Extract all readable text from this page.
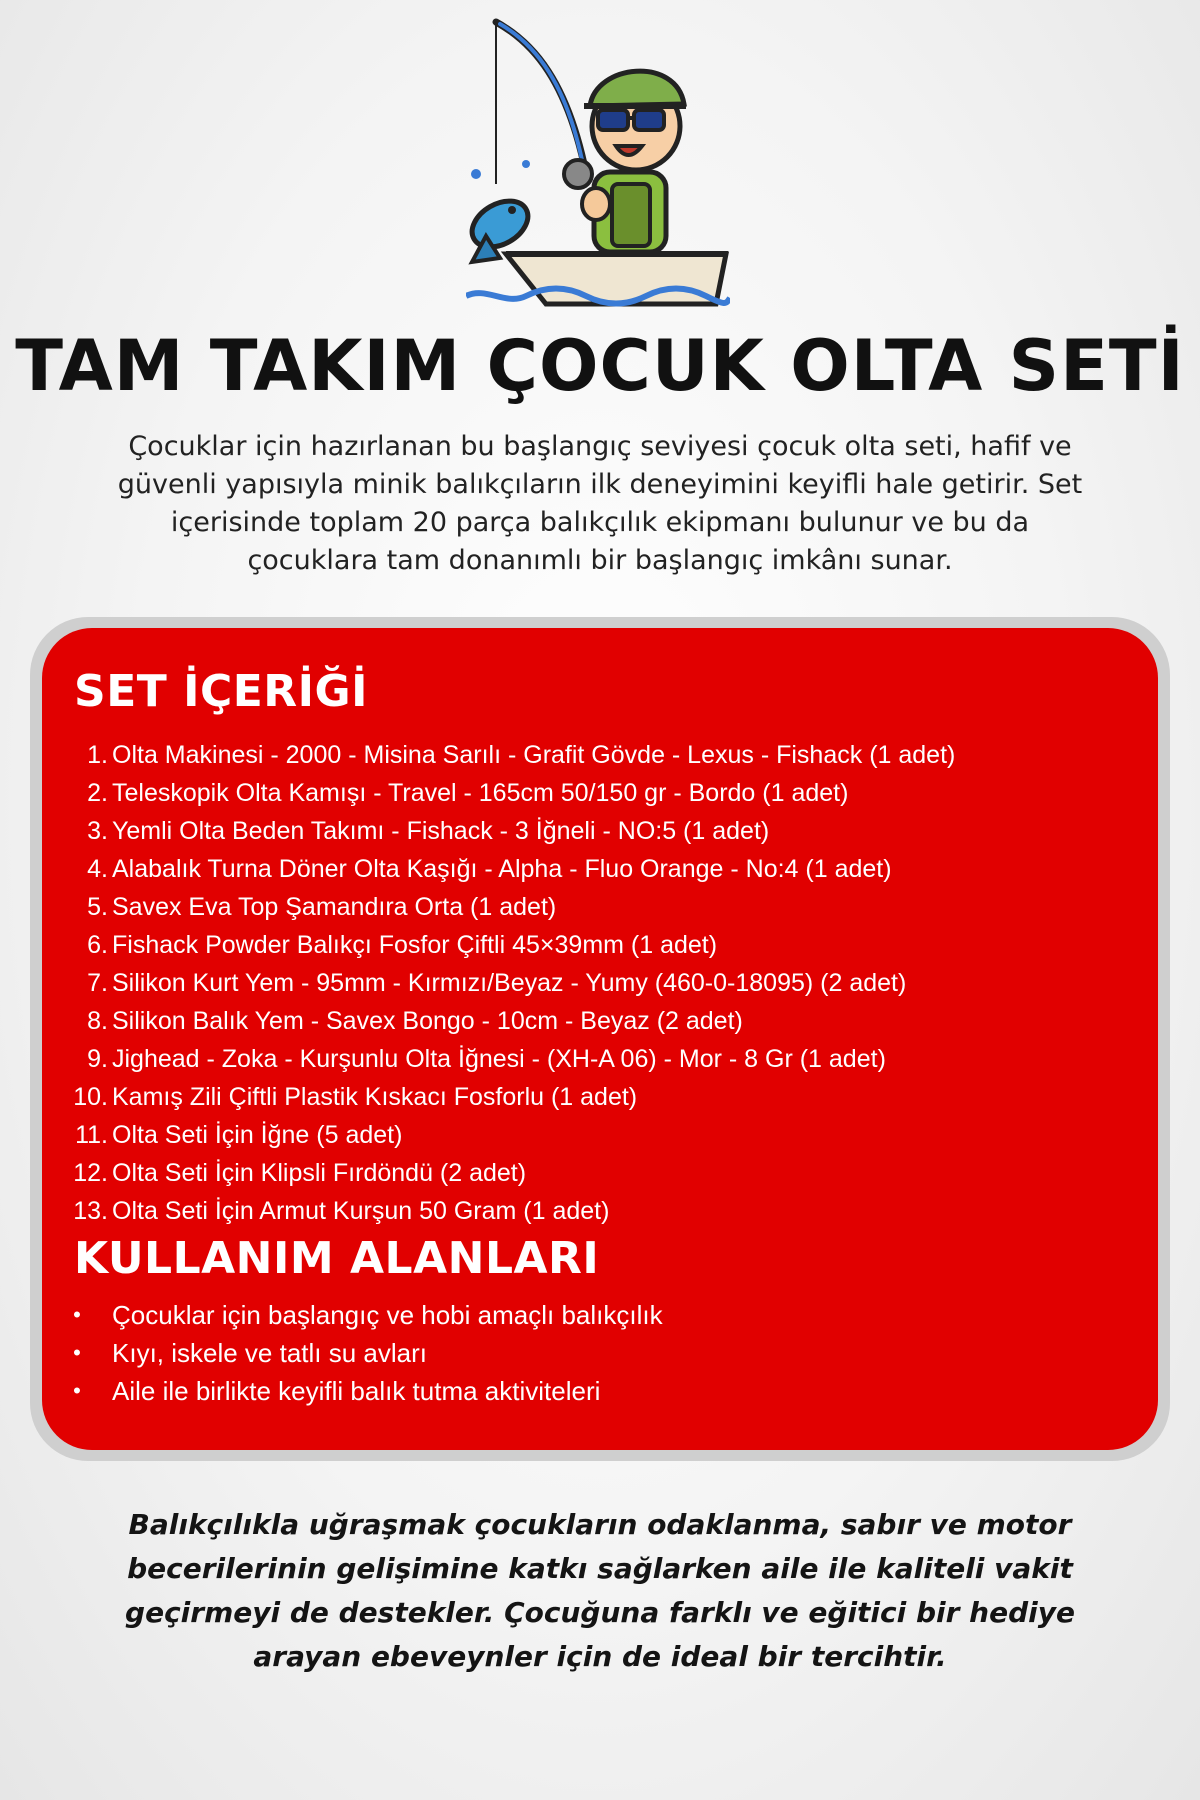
TAM TAKIM ÇOCUK OLTA SETİ

Çocuklar için hazırlanan bu başlangıç seviyesi çocuk olta seti, hafif ve güvenli yapısıyla minik balıkçıların ilk deneyimini keyifli hale getirir. Set içerisinde toplam 20 parça balıkçılık ekipmanı bulunur ve bu da çocuklara tam donanımlı bir başlangıç imkânı sunar.

SET İÇERİĞİ
1. Olta Makinesi - 2000 - Misina Sarılı - Grafit Gövde - Lexus - Fishack (1 adet)
2. Teleskopik Olta Kamışı - Travel - 165cm 50/150 gr - Bordo (1 adet)
3. Yemli Olta Beden Takımı - Fishack - 3 İğneli - NO:5 (1 adet)
4. Alabalık Turna Döner Olta Kaşığı - Alpha - Fluo Orange - No:4 (1 adet)
5. Savex Eva Top Şamandıra Orta (1 adet)
6. Fishack Powder Balıkçı Fosfor Çiftli 45×39mm (1 adet)
7. Silikon Kurt Yem - 95mm - Kırmızı/Beyaz - Yumy (460-0-18095) (2 adet)
8. Silikon Balık Yem - Savex Bongo - 10cm - Beyaz (2 adet)
9. Jighead - Zoka - Kurşunlu Olta İğnesi - (XH-A 06) - Mor - 8 Gr (1 adet)
10. Kamış Zili Çiftli Plastik Kıskacı Fosforlu (1 adet)
11. Olta Seti İçin İğne (5 adet)
12. Olta Seti İçin Klipsli Fırdöndü (2 adet)
13. Olta Seti İçin Armut Kurşun 50 Gram (1 adet)
KULLANIM ALANLARI
•	Çocuklar için başlangıç ve hobi amaçlı balıkçılık
•	Kıyı, iskele ve tatlı su avları
•	Aile ile birlikte keyifli balık tutma aktiviteleri

Balıkçılıkla uğraşmak çocukların odaklanma, sabır ve motor becerilerinin gelişimine katkı sağlarken aile ile kaliteli vakit geçirmeyi de destekler. Çocuğuna farklı ve eğitici bir hediye arayan ebeveynler için de ideal bir tercihtir.
